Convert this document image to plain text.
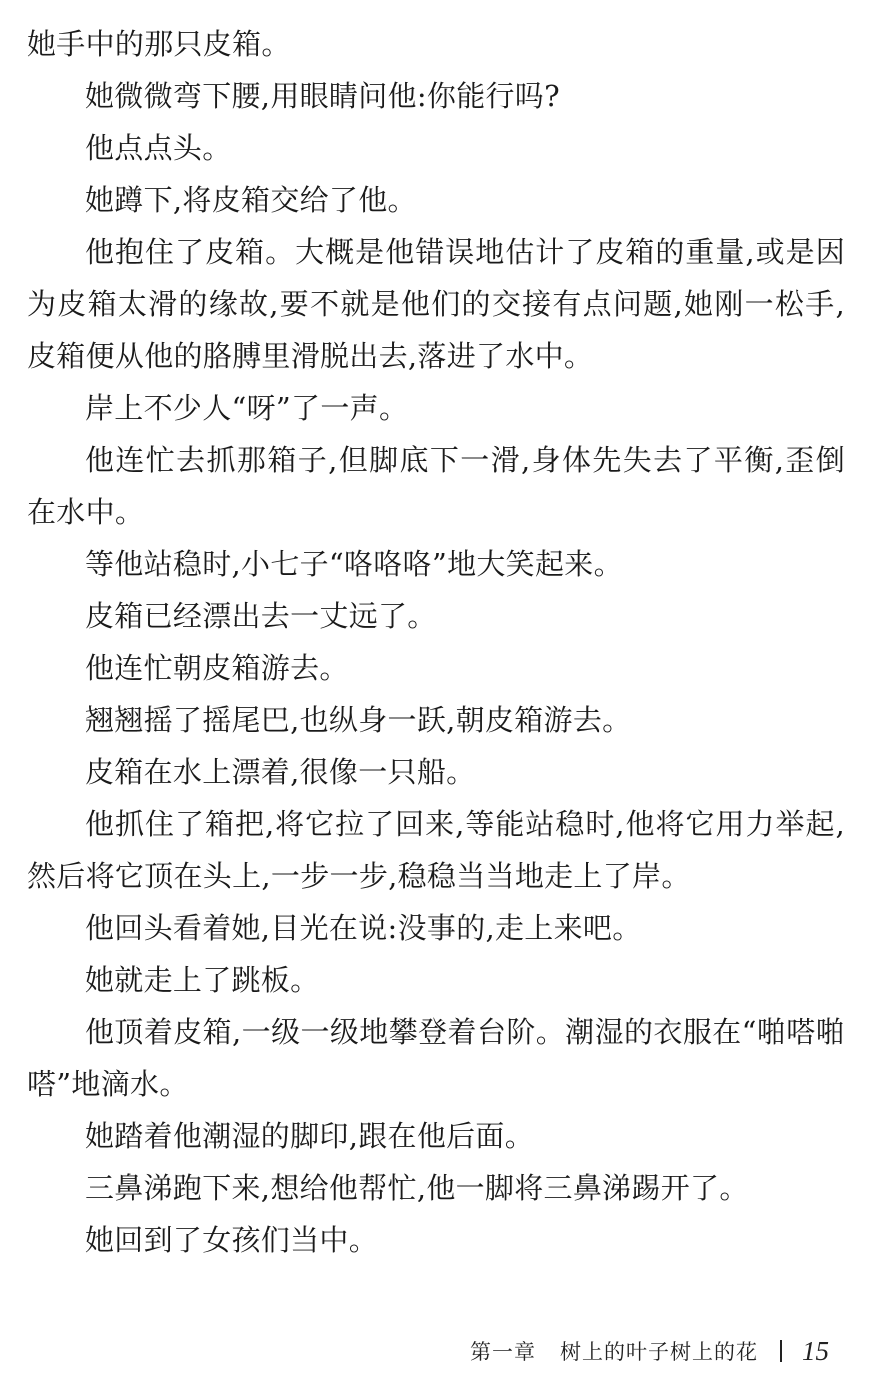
她手中的那只皮箱。

她微微弯下腰,用眼睛问他:你能行吗?

他点点头。

她蹲下,将皮箱交给了他。

他抱住了皮箱。大概是他错误地估计了皮箱的重量,或是因为皮箱太滑的缘故,要不就是他们的交接有点问题,她刚一松手,皮箱便从他的胳膊里滑脱出去,落进了水中。

岸上不少人“呀”了一声。

他连忙去抓那箱子,但脚底下一滑,身体先失去了平衡,歪倒在水中。

等他站稳时,小七子“咯咯咯”地大笑起来。

皮箱已经漂出去一丈远了。

他连忙朝皮箱游去。

翘翘摇了摇尾巴,也纵身一跃,朝皮箱游去。

皮箱在水上漂着,很像一只船。

他抓住了箱把,将它拉了回来,等能站稳时,他将它用力举起,然后将它顶在头上,一步一步,稳稳当当地走上了岸。

他回头看着她,目光在说:没事的,走上来吧。

她就走上了跳板。

他顶着皮箱,一级一级地攀登着台阶。潮湿的衣服在“啪嗒啪嗒”地滴水。

她踏着他潮湿的脚印,跟在他后面。

三鼻涕跑下来,想给他帮忙,他一脚将三鼻涕踢开了。

她回到了女孩们当中。

第一章 树上的叶子树上的花 15
